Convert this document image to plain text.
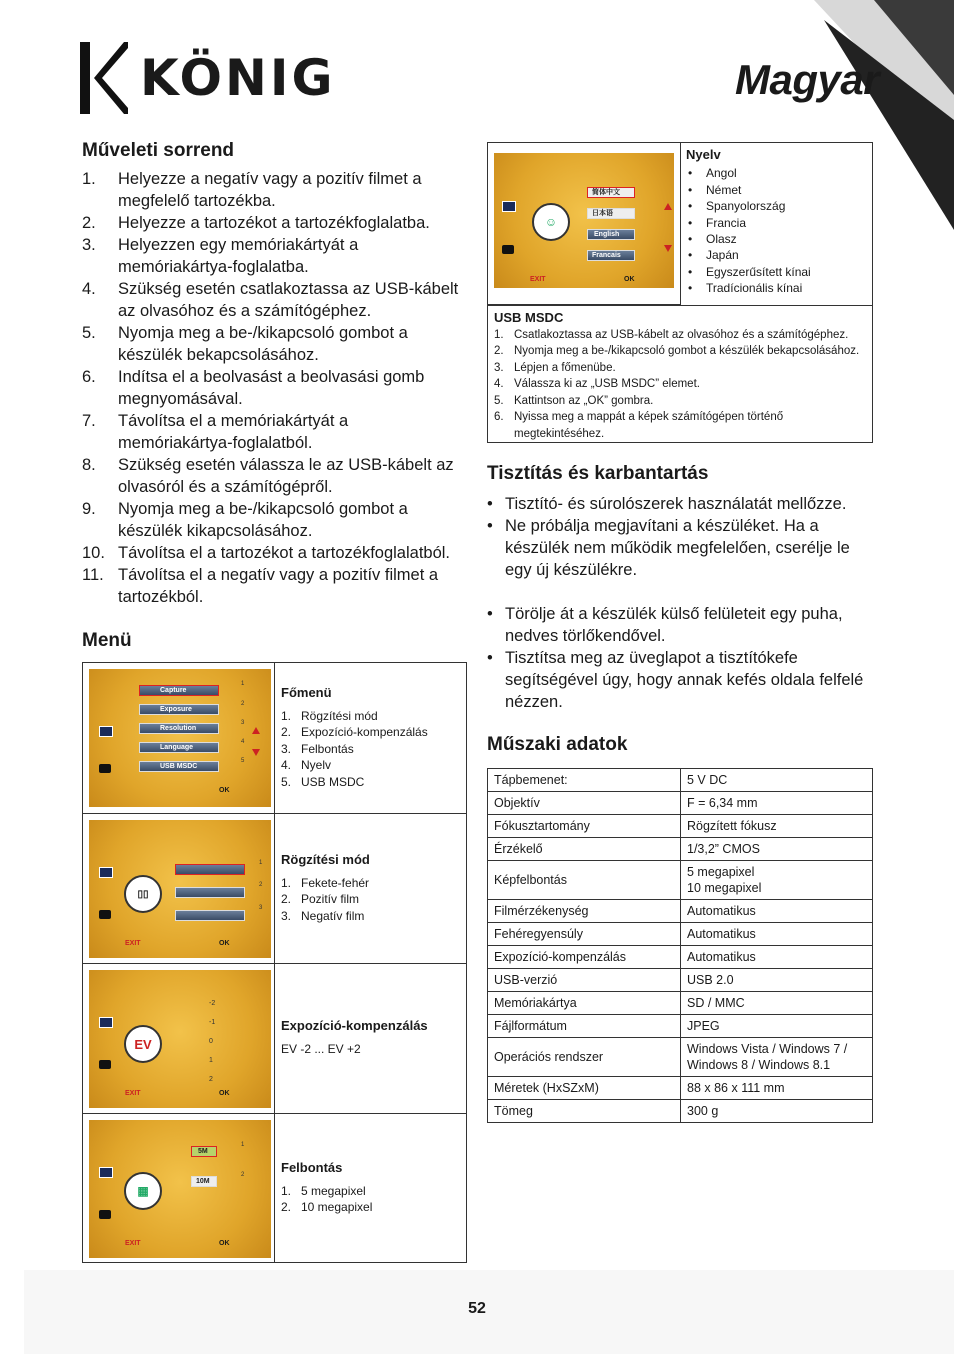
KÖNIG	Magyar
Műveleti sorrend
1. Helyezze a negatív vagy a pozitív filmet a megfelelő tartozékba.
2. Helyezze a tartozékot a tartozékfoglalatba.
3. Helyezzen egy memóriakártyát a memóriakártya-foglalatba.
4. Szükség esetén csatlakoztassa az USB-kábelt az olvasóhoz és a számítógéphez.
5. Nyomja meg a be-/kikapcsoló gombot a készülék bekapcsolásához.
6. Indítsa el a beolvasást a beolvasási gomb megnyomásával.
7. Távolítsa el a memóriakártyát a memóriakártya-foglalatból.
8. Szükség esetén válassza le az USB-kábelt az olvasóról és a számítógépről.
9. Nyomja meg a be-/kikapcsoló gombot a készülék kikapcsolásához.
10. Távolítsa el a tartozékot a tartozékfoglalatból.
11. Távolítsa el a negatív vagy a pozitív filmet a tartozékból.
Menü
Capture
Exposure
Resolution
Language
USB MSDC
1
2
3
4
5
OK
Főmenü
1. Rögzítési mód
2. Expozíció-kompenzálás
3. Felbontás
4. Nyelv
5. USB MSDC
▯▯
1
2
3
EXIT	OK
Rögzítési mód
1. Fekete-fehér
2. Pozitív film
3. Negatív film
EV
-2
-1
0
1
2
EXIT	OK
Expozíció-kompenzálás
EV -2 ... EV +2
▦
5M
10M
1
2
EXIT	OK
Felbontás
1. 5 megapixel
2. 10 megapixel
☺
简体中文
日本语
English
Francais
EXIT	OK
Nyelv
• Angol
• Német
• Spanyolország
• Francia
• Olasz
• Japán
• Egyszerűsített kínai
• Tradícionális kínai
USB MSDC
1. Csatlakoztassa az USB-kábelt az olvasóhoz és a számítógéphez.
2. Nyomja meg a be-/kikapcsoló gombot a készülék bekapcsolásához.
3. Lépjen a főmenübe.
4. Válassza ki az „USB MSDC” elemet.
5. Kattintson az „OK” gombra.
6. Nyissa meg a mappát a képek számítógépen történő megtekintéséhez.
Tisztítás és karbantartás
• Tisztító- és súrolószerek használatát mellőzze.
• Ne próbálja megjavítani a készüléket. Ha a készülék nem működik megfelelően, cserélje le egy új készülékre.
• Törölje át a készülék külső felületeit egy puha, nedves törlőkendővel.
• Tisztítsa meg az üveglapot a tisztítókefe segítségével úgy, hogy annak kefés oldala felfelé nézzen.
Műszaki adatok
Tápbemenet:	5 V DC
Objektív	F = 6,34 mm
Fókusztartomány	Rögzített fókusz
Érzékelő	1/3,2” CMOS
Képfelbontás	5 megapixel
10 megapixel
Filmérzékenység	Automatikus
Fehéregyensúly	Automatikus
Expozíció-kompenzálás	Automatikus
USB-verzió	USB 2.0
Memóriakártya	SD / MMC
Fájlformátum	JPEG
Operációs rendszer	Windows Vista / Windows 7 / Windows 8 / Windows 8.1
Méretek (HxSZxM)	88 x 86 x 111 mm
Tömeg	300 g
52
